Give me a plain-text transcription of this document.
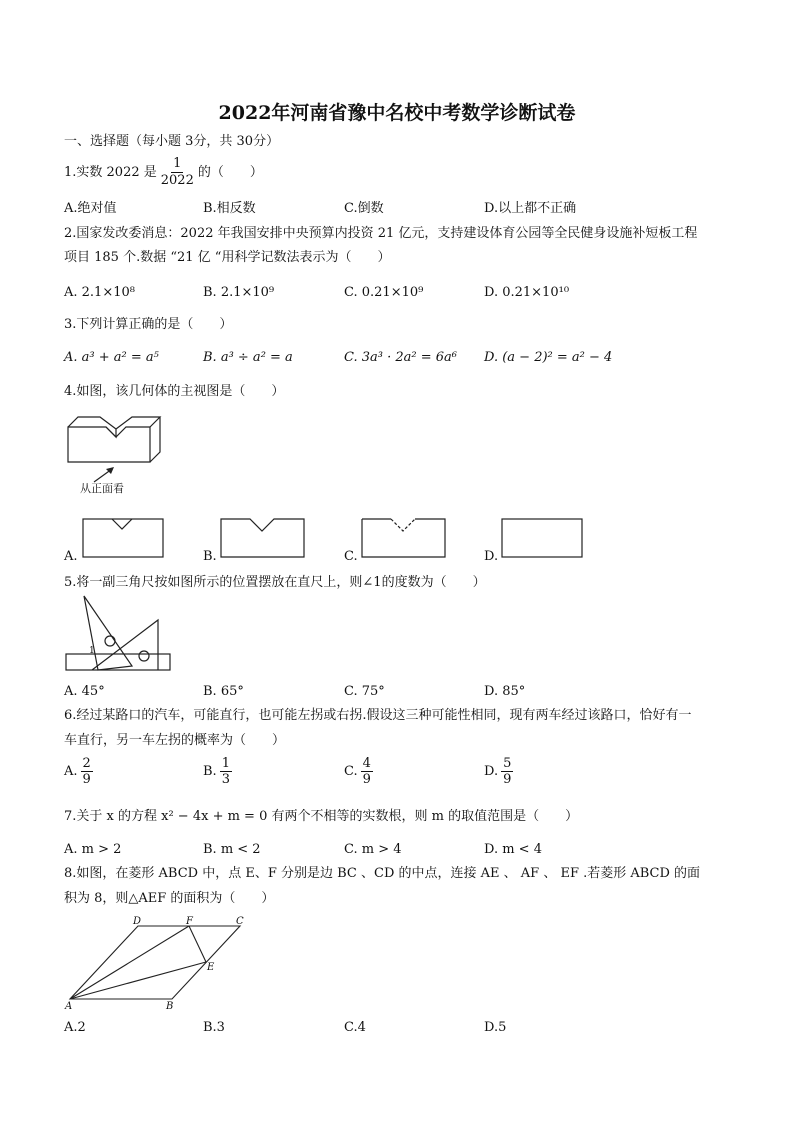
2022年河南省豫中名校中考数学诊断试卷
一、选择题（每小题 3分，共 30分）
1.实数 2022 是 $\frac{1}{2022}$ 的（　　）
A.绝对值	B.相反数	C.倒数	D.以上都不正确
2.国家发改委消息：2022 年我国安排中央预算内投资 21 亿元，支持建设体育公园等全民健身设施补短板工程
项目 185 个.数据 “21 亿 “用科学记数法表示为（　　）
A. 2.1×10⁸	B. 2.1×10⁹	C. 0.21×10⁹	D. 0.21×10¹⁰
3.下列计算正确的是（　　）
A. a³ + a² = a⁵	B. a³ ÷ a² = a	C. 3a³ · 2a² = 6a⁶ D. (a − 2)² = a² − 4
4.如图，该几何体的主视图是（　　）
从正面看
A.	B.	C.	D.
5.将一副三角尺按如图所示的位置摆放在直尺上，则∠1的度数为（　　）
1
A. 45°	B. 65°	C. 75°	D. 85°
6.经过某路口的汽车，可能直行，也可能左拐或右拐.假设这三种可能性相同，现有两车经过该路口，恰好有一
车直行，另一车左拐的概率为（　　）
A. $\frac{2}{9}$	B. $\frac{1}{3}$	C. $\frac{4}{9}$	D. $\frac{5}{9}$
7.关于 x 的方程 x² − 4x + m = 0 有两个不相等的实数根，则 m 的取值范围是（　　）
A. m > 2	B. m < 2	C. m > 4	D. m < 4
8.如图，在菱形 ABCD 中，点 E、F 分别是边 BC 、CD 的中点，连接 AE 、 AF 、 EF .若菱形 ABCD 的面
积为 8，则△AEF 的面积为（　　）
D	F	C
E
A	B
A.2	B.3	C.4	D.5
